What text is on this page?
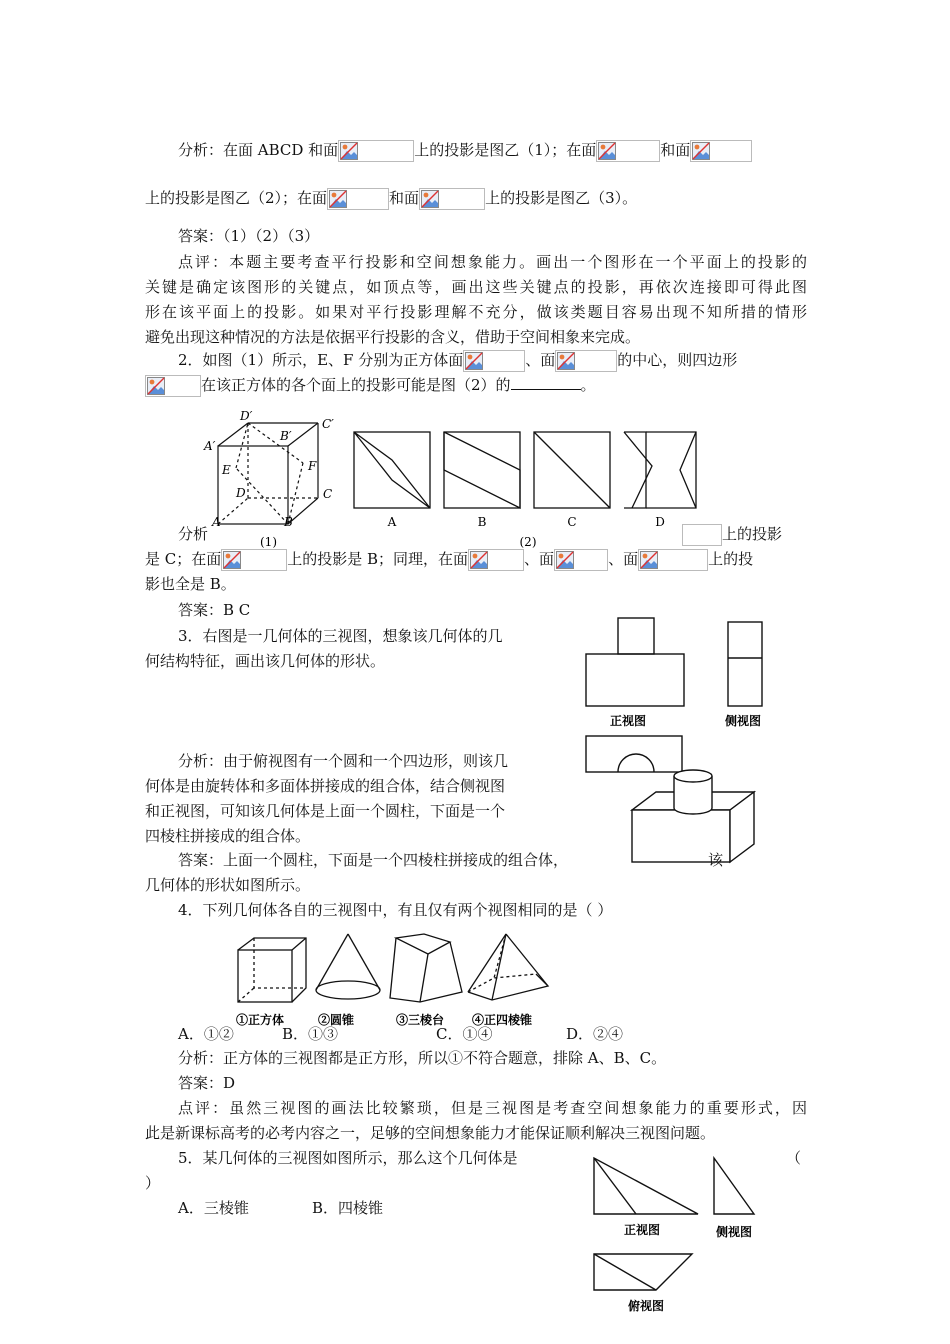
分析：在面 ABCD 和面	上的投影是图乙（1）；在面	和面
上的投影是图乙（2）；在面	和面	上的投影是图乙（3）。
答案：（1）（2）（3）
点评：本题主要考查平行投影和空间想象能力。画出一个图形在一个平面上的投影的
关键是确定该图形的关键点，如顶点等，画出这些关键点的投影，再依次连接即可得此图
形在该平面上的投影。如果对平行投影理解不充分，做该类题目容易出现不知所措的情形
避免出现这种情况的方法是依据平行投影的含义，借助于空间相象来完成。
2．如图（1）所示，E、F 分别为正方体面	、面	的中心，则四边形
在该正方体的各个面上的投影可能是图（2）的	。
D′
C′
A′
B′
E	F
D	C
A	B
(1)
A	B	C	D
(2)
分析	上的投影
是 C；在面	上的投影是 B；同理，在面	、面	、面	上的投
影也全是 B。
答案：B C
3．右图是一几何体的三视图，想象该几何体的几
何结构特征，画出该几何体的形状。
正视图	侧视图
分析：由于俯视图有一个圆和一个四边形，则该几
何体是由旋转体和多面体拼接成的组合体，结合侧视图
和正视图，可知该几何体是上面一个圆柱，下面是一个
四棱柱拼接成的组合体。
答案：上面一个圆柱，下面是一个四棱柱拼接成的组合体，	该
几何体的形状如图所示。
4．下列几何体各自的三视图中，有且仅有两个视图相同的是（ ）
①正方体	②圆锥	③三棱台 ④正四棱锥
A．①②	B．①③	C．①④	D．②④
分析：正方体的三视图都是正方形，所以①不符合题意，排除 A、B、C。
答案：D
点评：虽然三视图的画法比较繁琐，但是三视图是考查空间想象能力的重要形式，因
此是新课标高考的必考内容之一，足够的空间想象能力才能保证顺利解决三视图问题。
5．某几何体的三视图如图所示，那么这个几何体是	（
）
A．三棱锥	B．四棱锥
正视图	侧视图
俯视图
